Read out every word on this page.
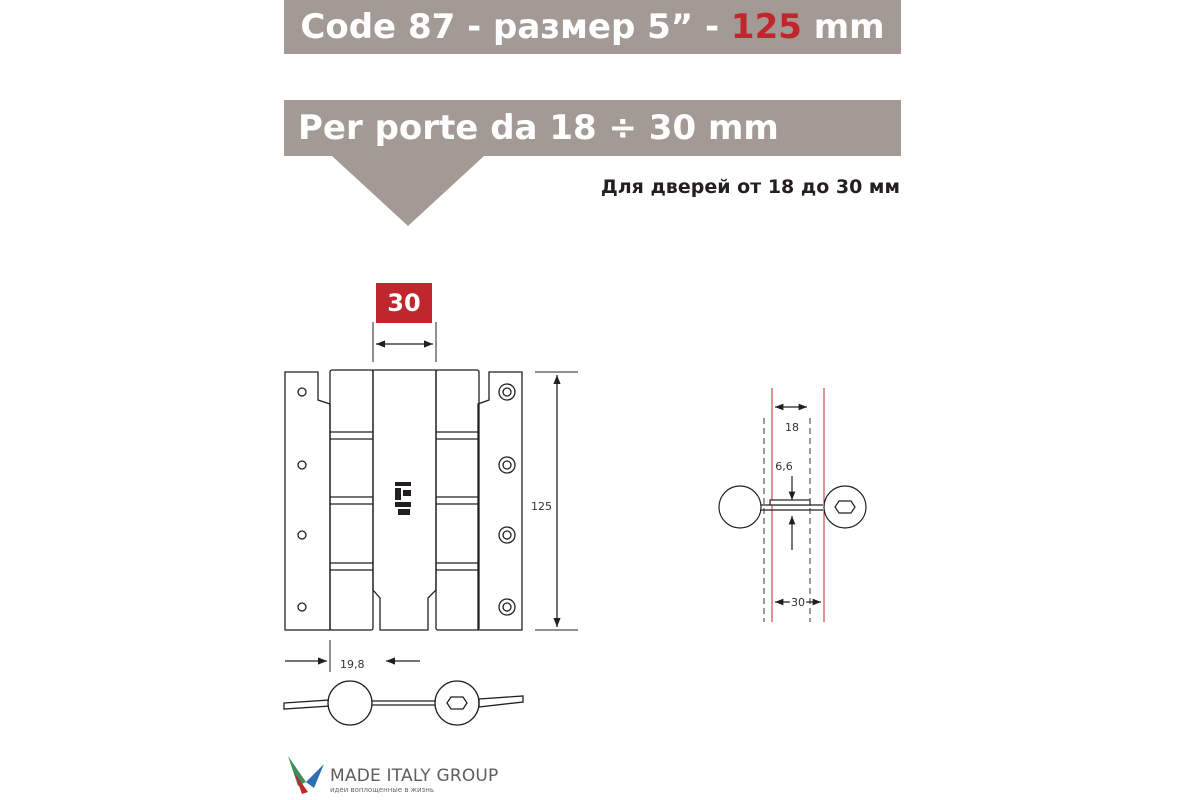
Code 87 - размер 5” - 125 mm
Per porte da 18 ÷ 30 mm
Для дверей от 18 до 30 мм
30
125
19,8
18
6,6
30
MADE ITALY GROUP
идеи воплощенные в жизнь
